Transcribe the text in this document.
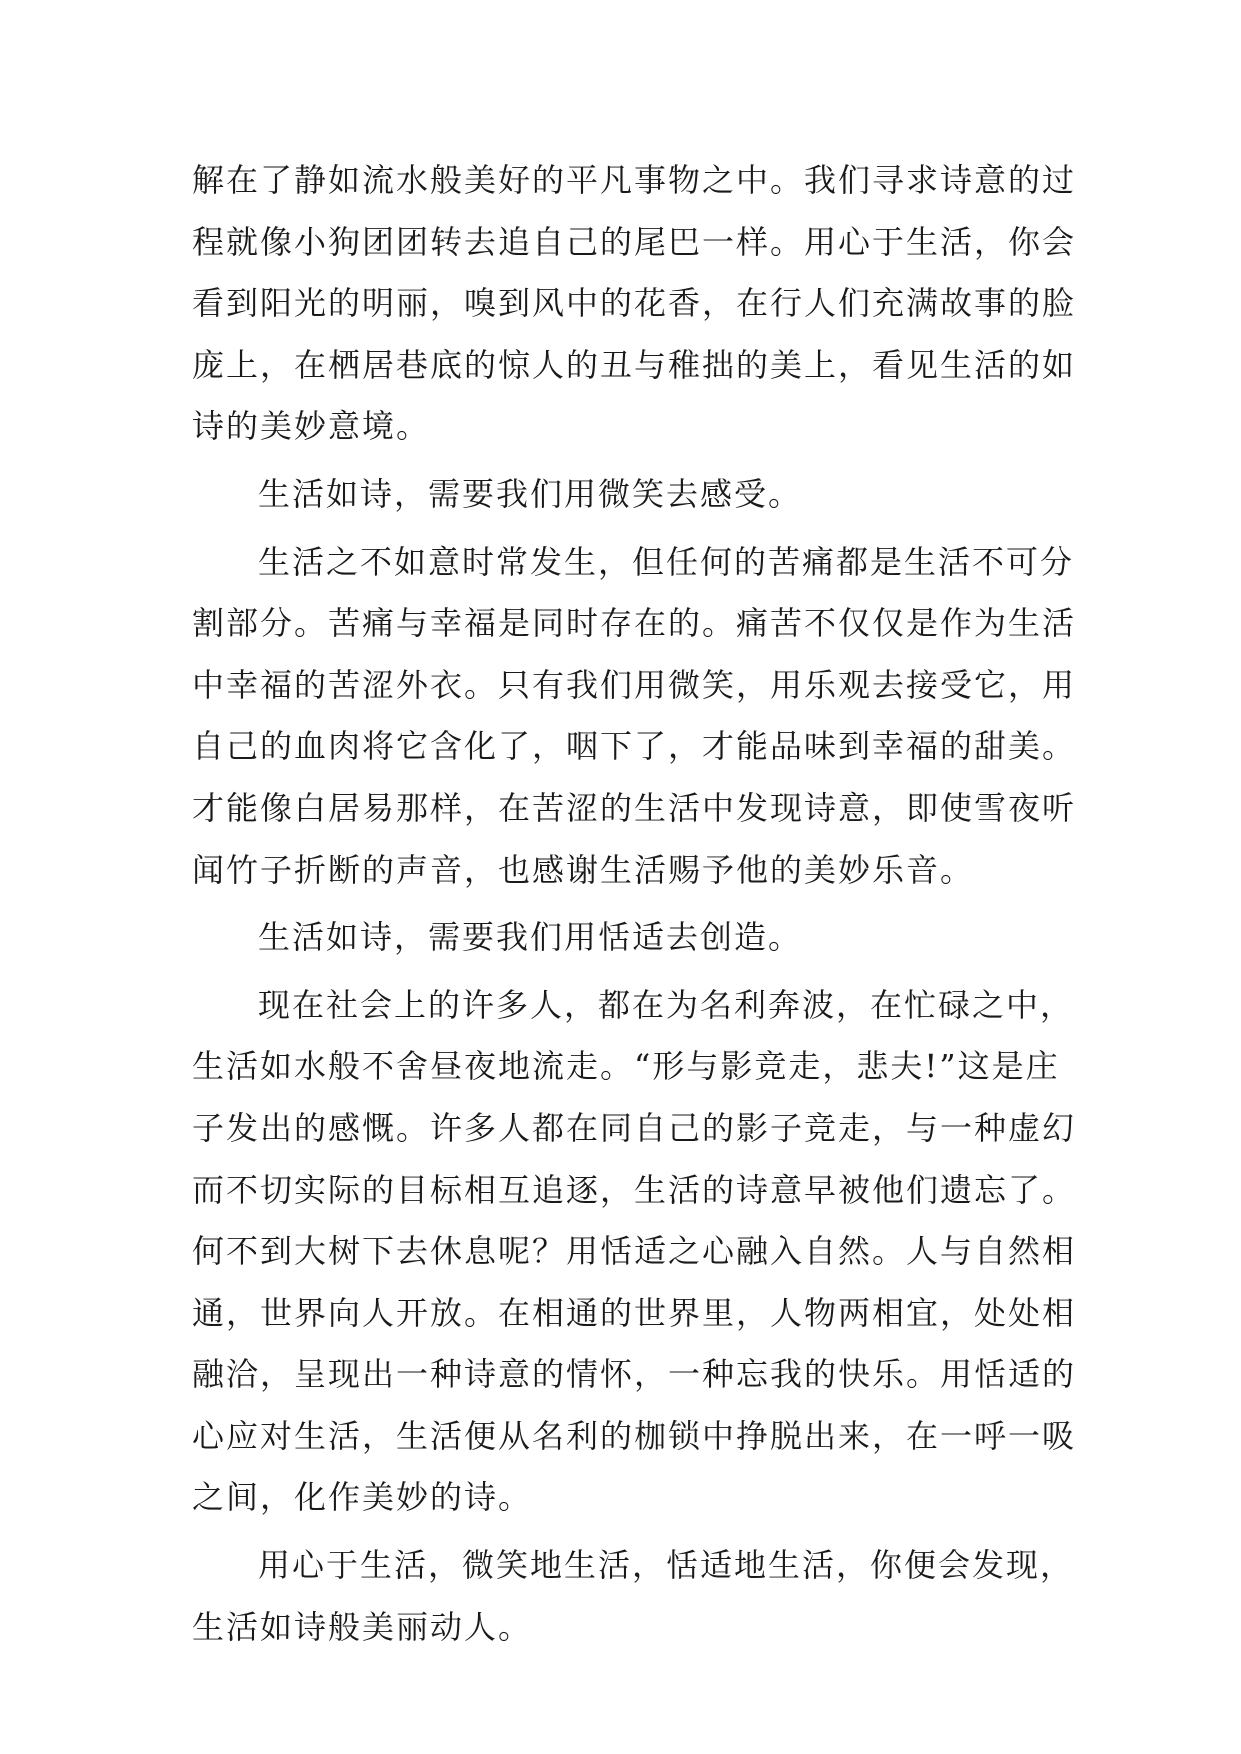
解在了静如流水般美好的平凡事物之中。我们寻求诗意的过
程就像小狗团团转去追自己的尾巴一样。用心于生活，你会
看到阳光的明丽，嗅到风中的花香，在行人们充满故事的脸
庞上，在栖居巷底的惊人的丑与稚拙的美上，看见生活的如
诗的美妙意境。
生活如诗，需要我们用微笑去感受。
生活之不如意时常发生，但任何的苦痛都是生活不可分
割部分。苦痛与幸福是同时存在的。痛苦不仅仅是作为生活
中幸福的苦涩外衣。只有我们用微笑，用乐观去接受它，用
自己的血肉将它含化了，咽下了，才能品味到幸福的甜美。
才能像白居易那样，在苦涩的生活中发现诗意，即使雪夜听
闻竹子折断的声音，也感谢生活赐予他的美妙乐音。
生活如诗，需要我们用恬适去创造。
现在社会上的许多人，都在为名利奔波，在忙碌之中，
生活如水般不舍昼夜地流走。“形与影竞走，悲夫!”这是庄
子发出的感慨。许多人都在同自己的影子竞走，与一种虚幻
而不切实际的目标相互追逐，生活的诗意早被他们遗忘了。
何不到大树下去休息呢？用恬适之心融入自然。人与自然相
通，世界向人开放。在相通的世界里，人物两相宜，处处相
融洽，呈现出一种诗意的情怀，一种忘我的快乐。用恬适的
心应对生活，生活便从名利的枷锁中挣脱出来，在一呼一吸
之间，化作美妙的诗。
用心于生活，微笑地生活，恬适地生活，你便会发现，
生活如诗般美丽动人。
